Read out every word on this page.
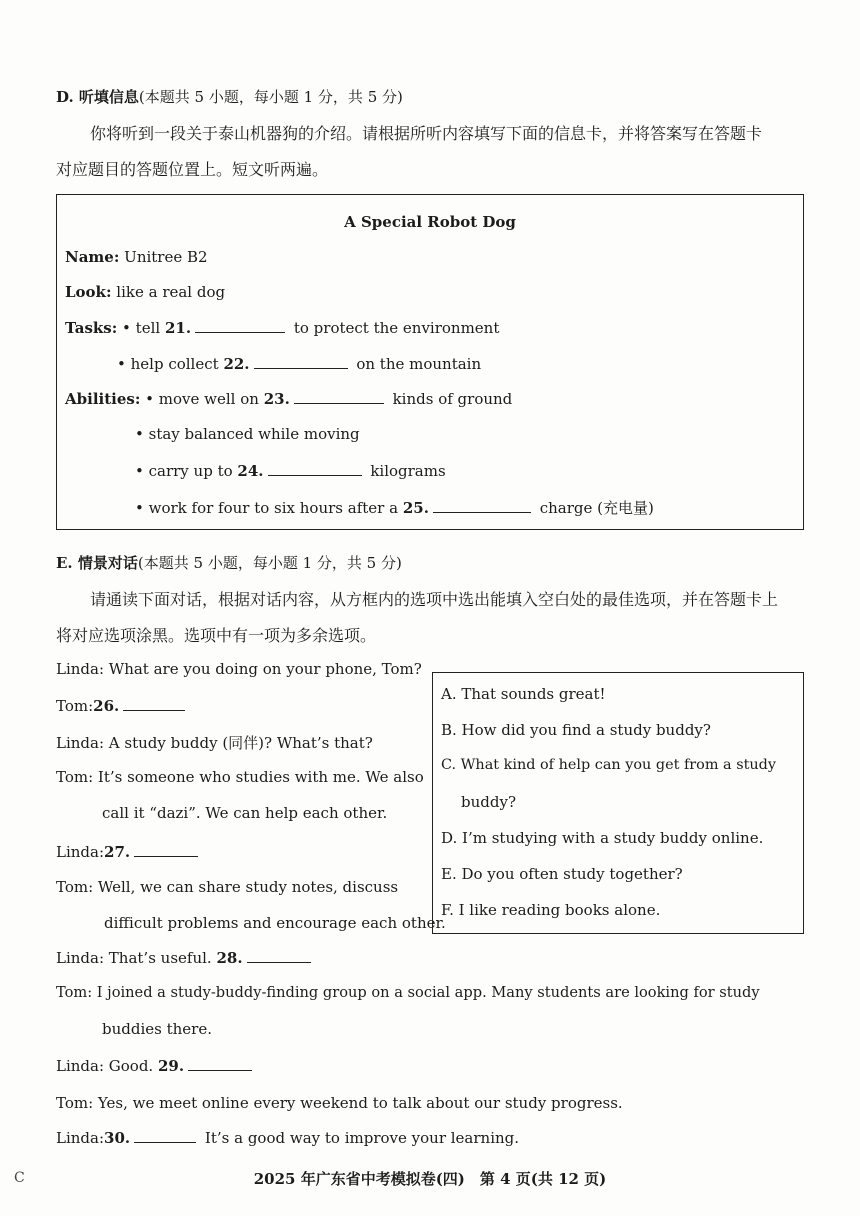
D. 听填信息(本题共 5 小题，每小题 1 分，共 5 分)
你将听到一段关于泰山机器狗的介绍。请根据所听内容填写下面的信息卡，并将答案写在答题卡
对应题目的答题位置上。短文听两遍。
A Special Robot Dog
Name: Unitree B2
Look: like a real dog
Tasks: • tell 21.	to protect the environment
• help collect 22.	on the mountain
Abilities: • move well on 23.	kinds of ground
• stay balanced while moving
• carry up to 24.	kilograms
• work for four to six hours after a 25.	charge (充电量)
E. 情景对话(本题共 5 小题，每小题 1 分，共 5 分)
请通读下面对话，根据对话内容，从方框内的选项中选出能填入空白处的最佳选项，并在答题卡上
将对应选项涂黑。选项中有一项为多余选项。
Linda: What are you doing on your phone, Tom?
Tom:26.
Linda: A study buddy (同伴)? What’s that?
Tom: It’s someone who studies with me. We also
call it “dazi”. We can help each other.
Linda:27.
Tom: Well, we can share study notes, discuss
difficult problems and encourage each other.
Linda: That’s useful. 28.
Tom: I joined a study-buddy-finding group on a social app. Many students are looking for study
buddies there.
Linda: Good. 29.
Tom: Yes, we meet online every weekend to talk about our study progress.
Linda:30.	It’s a good way to improve your learning.
A. That sounds great!
B. How did you find a study buddy?
C. What kind of help can you get from a study
buddy?
D. I’m studying with a study buddy online.
E. Do you often study together?
F. I like reading books alone.
C	2025 年广东省中考模拟卷(四)　第 4 页(共 12 页)
